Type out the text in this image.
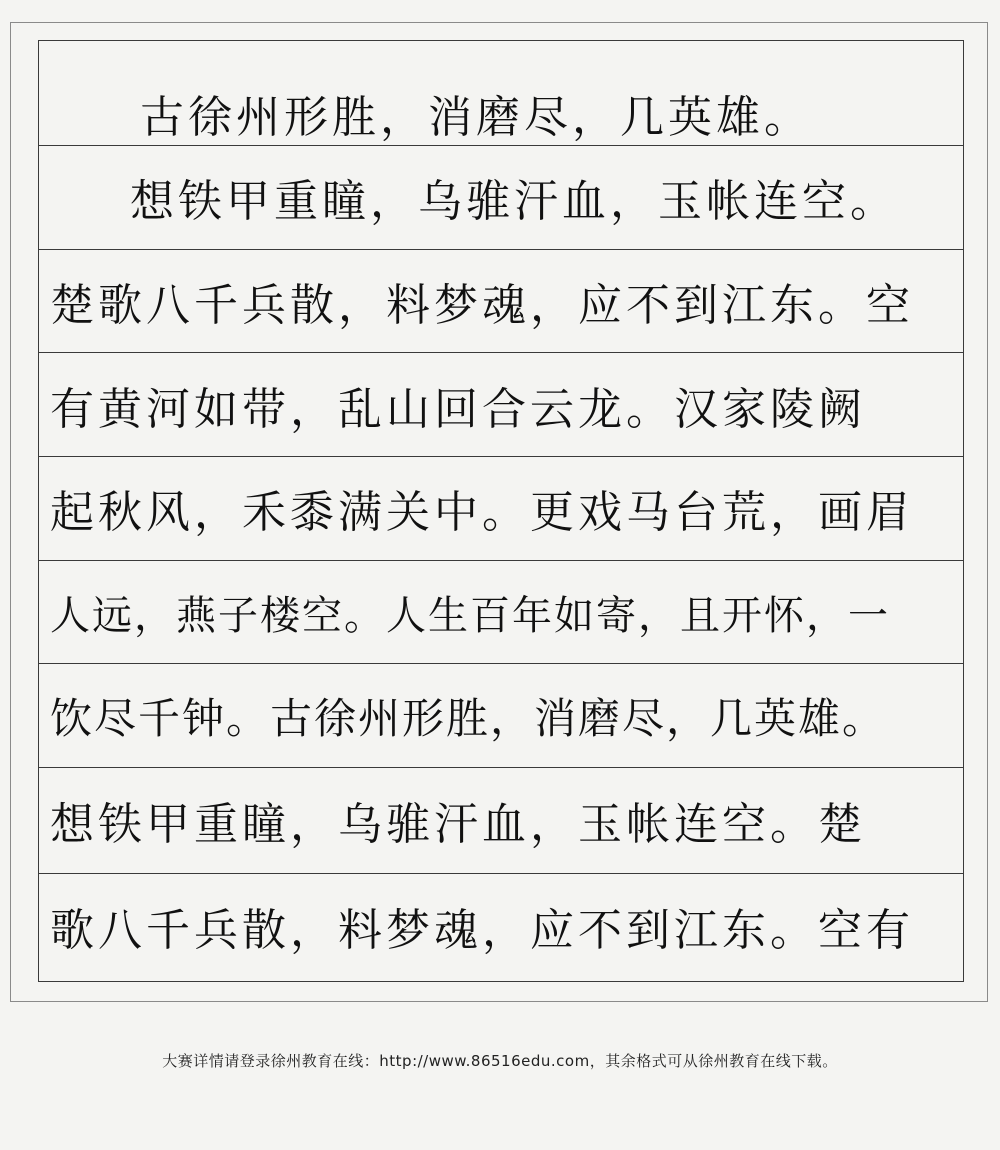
古徐州形胜，消磨尽，几英雄。
想铁甲重瞳，乌骓汗血，玉帐连空。
楚歌八千兵散，料梦魂，应不到江东。空
有黄河如带，乱山回合云龙。汉家陵阙
起秋风，禾黍满关中。更戏马台荒，画眉
人远，燕子楼空。人生百年如寄，且开怀，一
饮尽千钟。古徐州形胜，消磨尽，几英雄。
想铁甲重瞳，乌骓汗血，玉帐连空。楚
歌八千兵散，料梦魂，应不到江东。空有
大赛详情请登录徐州教育在线：http://www.86516edu.com，其余格式可从徐州教育在线下载。
